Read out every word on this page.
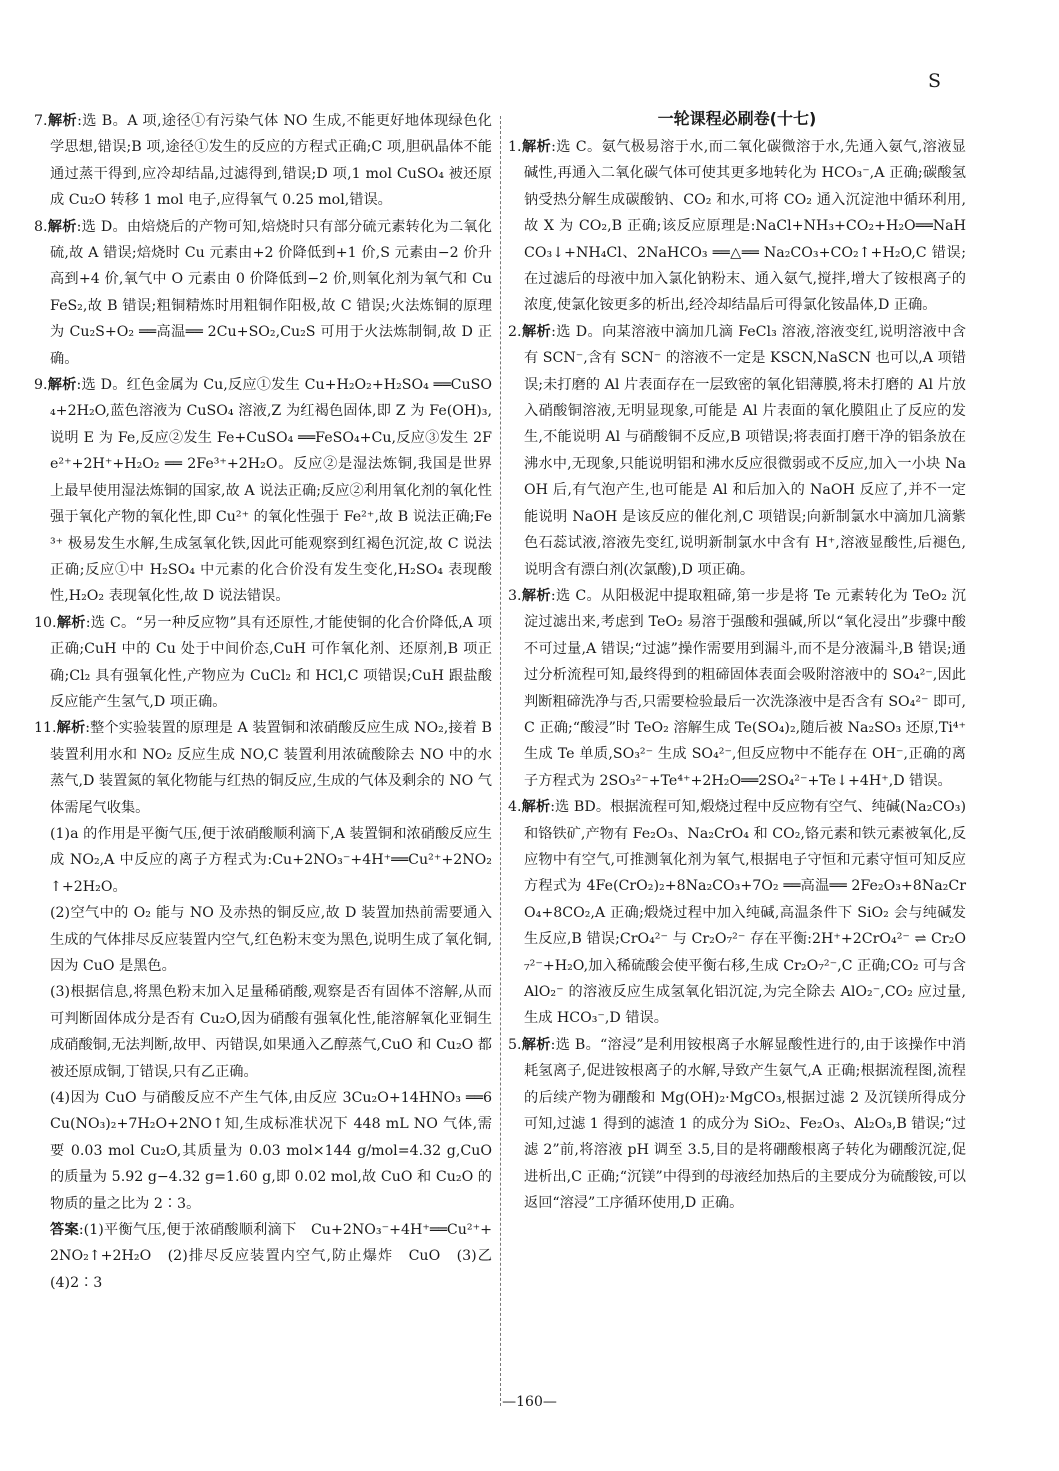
S

7.解析:选 B。A 项,途径①有污染气体 NO 生成,不能更好地体现绿色化学思想,错误;B 项,途径①发生的反应的方程式正确;C 项,胆矾晶体不能通过蒸干得到,应冷却结晶,过滤得到,错误;D 项,1 mol CuSO₄ 被还原成 Cu₂O 转移 1 mol 电子,应得氧气 0.25 mol,错误。

8.解析:选 D。由焙烧后的产物可知,焙烧时只有部分硫元素转化为二氧化硫,故 A 错误;焙烧时 Cu 元素由+2 价降低到+1 价,S 元素由−2 价升高到+4 价,氧气中 O 元素由 0 价降低到−2 价,则氧化剂为氧气和 CuFeS₂,故 B 错误;粗铜精炼时用粗铜作阳极,故 C 错误;火法炼铜的原理为 Cu₂S+O₂ ══高温══ 2Cu+SO₂,Cu₂S 可用于火法炼制铜,故 D 正确。

9.解析:选 D。红色金属为 Cu,反应①发生 Cu+H₂O₂+H₂SO₄ ══CuSO₄+2H₂O,蓝色溶液为 CuSO₄ 溶液,Z 为红褐色固体,即 Z 为 Fe(OH)₃,说明 E 为 Fe,反应②发生 Fe+CuSO₄ ══FeSO₄+Cu,反应③发生 2Fe²⁺+2H⁺+H₂O₂ ══ 2Fe³⁺+2H₂O。反应②是湿法炼铜,我国是世界上最早使用湿法炼铜的国家,故 A 说法正确;反应②利用氧化剂的氧化性强于氧化产物的氧化性,即 Cu²⁺ 的氧化性强于 Fe²⁺,故 B 说法正确;Fe³⁺ 极易发生水解,生成氢氧化铁,因此可能观察到红褐色沉淀,故 C 说法正确;反应①中 H₂SO₄ 中元素的化合价没有发生变化,H₂SO₄ 表现酸性,H₂O₂ 表现氧化性,故 D 说法错误。

10.解析:选 C。“另一种反应物”具有还原性,才能使铜的化合价降低,A 项正确;CuH 中的 Cu 处于中间价态,CuH 可作氧化剂、还原剂,B 项正确;Cl₂ 具有强氧化性,产物应为 CuCl₂ 和 HCl,C 项错误;CuH 跟盐酸反应能产生氢气,D 项正确。

11.解析:整个实验装置的原理是 A 装置铜和浓硝酸反应生成 NO₂,接着 B 装置利用水和 NO₂ 反应生成 NO,C 装置利用浓硫酸除去 NO 中的水蒸气,D 装置氮的氧化物能与红热的铜反应,生成的气体及剩余的 NO 气体需尾气收集。

(1)a 的作用是平衡气压,便于浓硝酸顺利滴下,A 装置铜和浓硝酸反应生成 NO₂,A 中反应的离子方程式为:Cu+2NO₃⁻+4H⁺══Cu²⁺+2NO₂↑+2H₂O。

(2)空气中的 O₂ 能与 NO 及赤热的铜反应,故 D 装置加热前需要通入生成的气体排尽反应装置内空气,红色粉末变为黑色,说明生成了氧化铜,因为 CuO 是黑色。

(3)根据信息,将黑色粉末加入足量稀硝酸,观察是否有固体不溶解,从而可判断固体成分是否有 Cu₂O,因为硝酸有强氧化性,能溶解氧化亚铜生成硝酸铜,无法判断,故甲、丙错误,如果通入乙醇蒸气,CuO 和 Cu₂O 都被还原成铜,丁错误,只有乙正确。

(4)因为 CuO 与硝酸反应不产生气体,由反应 3Cu₂O+14HNO₃ ══6Cu(NO₃)₂+7H₂O+2NO↑知,生成标准状况下 448 mL NO 气体,需要 0.03 mol Cu₂O,其质量为 0.03 mol×144 g/mol=4.32 g,CuO 的质量为 5.92 g−4.32 g=1.60 g,即 0.02 mol,故 CuO 和 Cu₂O 的物质的量之比为 2∶3。

答案:(1)平衡气压,便于浓硝酸顺利滴下　Cu+2NO₃⁻+4H⁺══Cu²⁺+2NO₂↑+2H₂O　(2)排尽反应装置内空气,防止爆炸　CuO　(3)乙　(4)2∶3

一轮课程必刷卷(十七)

1.解析:选 C。氨气极易溶于水,而二氧化碳微溶于水,先通入氨气,溶液显碱性,再通入二氧化碳气体可使其更多地转化为 HCO₃⁻,A 正确;碳酸氢钠受热分解生成碳酸钠、CO₂ 和水,可将 CO₂ 通入沉淀池中循环利用,故 X 为 CO₂,B 正确;该反应原理是:NaCl+NH₃+CO₂+H₂O══NaHCO₃↓+NH₄Cl、2NaHCO₃ ══△══ Na₂CO₃+CO₂↑+H₂O,C 错误;在过滤后的母液中加入氯化钠粉末、通入氨气,搅拌,增大了铵根离子的浓度,使氯化铵更多的析出,经冷却结晶后可得氯化铵晶体,D 正确。

2.解析:选 D。向某溶液中滴加几滴 FeCl₃ 溶液,溶液变红,说明溶液中含有 SCN⁻,含有 SCN⁻ 的溶液不一定是 KSCN,NaSCN 也可以,A 项错误;未打磨的 Al 片表面存在一层致密的氧化铝薄膜,将未打磨的 Al 片放入硝酸铜溶液,无明显现象,可能是 Al 片表面的氧化膜阻止了反应的发生,不能说明 Al 与硝酸铜不反应,B 项错误;将表面打磨干净的铝条放在沸水中,无现象,只能说明铝和沸水反应很微弱或不反应,加入一小块 NaOH 后,有气泡产生,也可能是 Al 和后加入的 NaOH 反应了,并不一定能说明 NaOH 是该反应的催化剂,C 项错误;向新制氯水中滴加几滴紫色石蕊试液,溶液先变红,说明新制氯水中含有 H⁺,溶液显酸性,后褪色,说明含有漂白剂(次氯酸),D 项正确。

3.解析:选 C。从阳极泥中提取粗碲,第一步是将 Te 元素转化为 TeO₂ 沉淀过滤出来,考虑到 TeO₂ 易溶于强酸和强碱,所以“氧化浸出”步骤中酸不可过量,A 错误;“过滤”操作需要用到漏斗,而不是分液漏斗,B 错误;通过分析流程可知,最终得到的粗碲固体表面会吸附溶液中的 SO₄²⁻,因此判断粗碲洗净与否,只需要检验最后一次洗涤液中是否含有 SO₄²⁻ 即可,C 正确;“酸浸”时 TeO₂ 溶解生成 Te(SO₄)₂,随后被 Na₂SO₃ 还原,Ti⁴⁺ 生成 Te 单质,SO₃²⁻ 生成 SO₄²⁻,但反应物中不能存在 OH⁻,正确的离子方程式为 2SO₃²⁻+Te⁴⁺+2H₂O══2SO₄²⁻+Te↓+4H⁺,D 错误。

4.解析:选 BD。根据流程可知,煅烧过程中反应物有空气、纯碱(Na₂CO₃)和铬铁矿,产物有 Fe₂O₃、Na₂CrO₄ 和 CO₂,铬元素和铁元素被氧化,反应物中有空气,可推测氧化剂为氧气,根据电子守恒和元素守恒可知反应方程式为 4Fe(CrO₂)₂+8Na₂CO₃+7O₂ ══高温══ 2Fe₂O₃+8Na₂CrO₄+8CO₂,A 正确;煅烧过程中加入纯碱,高温条件下 SiO₂ 会与纯碱发生反应,B 错误;CrO₄²⁻ 与 Cr₂O₇²⁻ 存在平衡:2H⁺+2CrO₄²⁻ ⇌ Cr₂O₇²⁻+H₂O,加入稀硫酸会使平衡右移,生成 Cr₂O₇²⁻,C 正确;CO₂ 可与含 AlO₂⁻ 的溶液反应生成氢氧化铝沉淀,为完全除去 AlO₂⁻,CO₂ 应过量,生成 HCO₃⁻,D 错误。

5.解析:选 B。“溶浸”是利用铵根离子水解显酸性进行的,由于该操作中消耗氢离子,促进铵根离子的水解,导致产生氨气,A 正确;根据流程图,流程的后续产物为硼酸和 Mg(OH)₂·MgCO₃,根据过滤 2 及沉镁所得成分可知,过滤 1 得到的滤渣 1 的成分为 SiO₂、Fe₂O₃、Al₂O₃,B 错误;“过滤 2”前,将溶液 pH 调至 3.5,目的是将硼酸根离子转化为硼酸沉淀,促进析出,C 正确;“沉镁”中得到的母液经加热后的主要成分为硫酸铵,可以返回“溶浸”工序循环使用,D 正确。

—160—
